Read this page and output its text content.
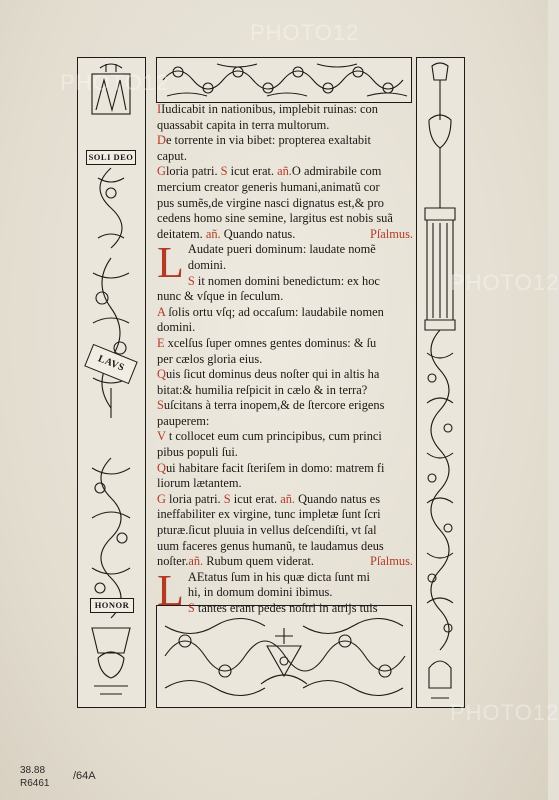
SOLI DEO
LAVS
HONOR

IIudicabit in nationibus, implebit ruinas: con

quassabit capita in terra multorum.

De torrente in via bibet: propterea exaltabit

caput.

Gloria patri. S icut erat. añ.O admirabile com

mercium creator generis humani,animatũ cor

pus sumẽs,de virgine nasci dignatus est,& pro

cedens homo sine semine, largitus est nobis suã

deitatem. añ. Quando natus.	Pſalmus.

L Audate pueri dominum: laudate nomẽ

domini.

S it nomen domini benedictum: ex hoc

nunc & vſque in ſeculum.

A ſolis ortu vſq; ad occaſum: laudabile nomen

domini.

E xcelſus ſuper omnes gentes dominus: & ſu

per cælos gloria eius.

Quis ſicut dominus deus noſter qui in altis ha

bitat:& humilia reſpicit in cælo & in terra?

Suſcitans à terra inopem,& de ſtercore erigens

pauperem:

V t collocet eum cum principibus, cum princi

pibus populi ſui.

Qui habitare facit ſteriſem in domo: matrem fi

liorum lætantem.

G loria patri. S icut erat. añ. Quando natus es

ineffabiliter ex virgine, tunc impletæ ſunt ſcri

pturæ.ſicut pluuia in vellus deſcendiſti, vt ſal

uum faceres genus humanũ, te laudamus deus

noſter.añ. Rubum quem viderat.	Pſalmus.

L AEtatus ſum in his quæ dicta ſunt mi

hi, in domum domini ibimus.

S tantes erant pedes noſtri in atrijs tuis

PHOTO12
PHOTO12
PHOTO12
PHOTO12
38.88
R6461
/64A
